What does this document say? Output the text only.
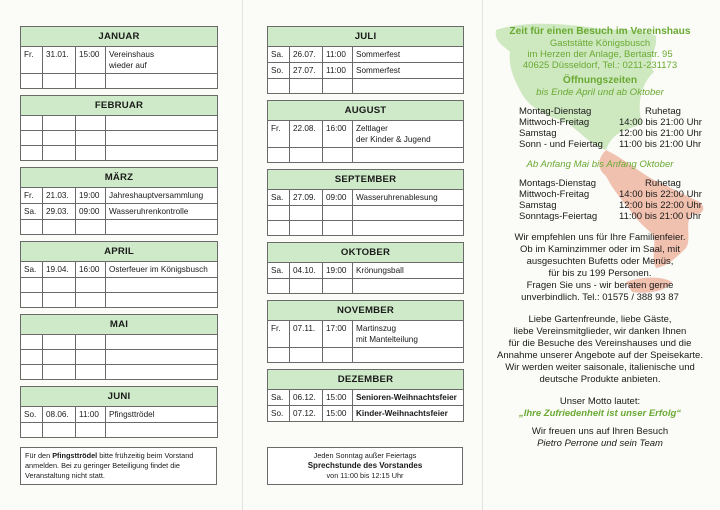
JANUAR			
Fr.	31.01.	15:00	Vereinshaus
wieder auf

FEBRUAR			

MÄRZ			
Fr.	21.03.	19:00	Jahreshauptversammlung
Sa.	29.03.	09:00	Wasseruhrenkontrolle

APRIL			
Sa.	19.04.	16:00	Osterfeuer im Königsbusch

MAI			

JUNI			
So.	08.06.	11:00	Pfingsttrödel

Für den Pfingsttrödel bitte frühzeitig beim Vorstand anmelden. Bei zu geringer Beteiligung findet die Veranstaltung nicht statt.
JULI			
Sa.	26.07.	11:00	Sommerfest
So.	27.07.	11:00	Sommerfest

AUGUST			
Fr.	22.08.	16:00	Zeltlager
der Kinder & Jugend

SEPTEMBER			
Sa.	27.09.	09:00	Wasseruhrenablesung

OKTOBER			
Sa.	04.10.	19:00	Krönungsball

NOVEMBER			
Fr.	07.11.	17:00	Martinszug
mit Mantelteilung

DEZEMBER			
Sa.	06.12.	15:00	Senioren-Weihnachtsfeier
So.	07.12.	15:00	Kinder-Weihnachtsfeier
Jeden Sonntag außer Feiertags
Sprechstunde des Vorstandes
von 11:00 bis 12:15 Uhr
Zeit für einen Besuch im Vereinshaus
Gaststätte Königsbusch
im Herzen der Anlage, Bertastr. 95
40625 Düsseldorf, Tel.: 0211-231173
Öffnungszeiten
bis Ende April und ab Oktober
Montag-Dienstag	Ruhetag
Mittwoch-Freitag	14:00 bis 21:00 Uhr
Samstag	12:00 bis 21:00 Uhr
Sonn - und Feiertag	11:00 bis 21:00 Uhr
Ab Anfang Mai bis Anfang Oktober
Montags-Dienstag	Ruhetag
Mittwoch-Freitag	14:00 bis 22:00 Uhr
Samstag	12:00 bis 22:00 Uhr
Sonntags-Feiertag	11:00 bis 21:00 Uhr
Wir empfehlen uns für Ihre Familienfeier.
Ob im Kaminzimmer oder im Saal, mit
ausgesuchten Bufetts oder Menüs,
für bis zu 199 Personen.
Fragen Sie uns - wir beraten gerne
unverbindlich. Tel.: 01575 / 388 93 87
Liebe Gartenfreunde, liebe Gäste,
liebe Vereinsmitglieder, wir danken Ihnen
für die Besuche des Vereinshauses und die
Annahme unserer Angebote auf der Speisekarte.
Wir werden weiter saisonale, italienische und
deutsche Produkte anbieten.
Unser Motto lautet:
„Ihre Zufriedenheit ist unser Erfolg“
Wir freuen uns auf Ihren Besuch
Pietro Perrone und sein Team
